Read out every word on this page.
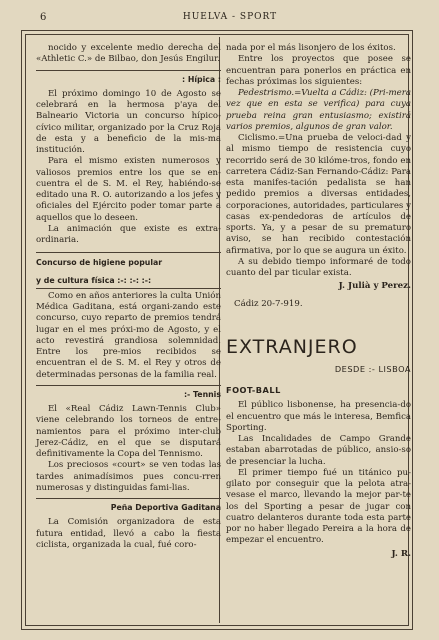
6	HUELVA - SPORT

nocido y excelente medio derecha del «Athletic C.» de Bilbao, don Jesús Engilur.

: Hípica :

El próximo domingo 10 de Agosto se celebrará en la hermosa p'aya del Balneario Victoria un concurso hípico-cívico militar, organizado por la Cruz Roja de esta y a beneficio de la mis-ma institución.

Para el mismo existen numerosos y valiosos premios entre los que se en-cuentra el de S. M. el Rey, habiéndo-se editado una R. O. autorizando a los jefes y oficiales del Ejército poder tomar parte a aquellos que lo deseen.

La animación que existe es extra-ordinaria.

Concurso de higiene popular
y de cultura física :-: :-: :-:

Como en años anteriores la culta Unión Médica Gaditana, está organi-zando este concurso, cuyo reparto de premios tendrá lugar en el mes próxi-mo de Agosto, y el acto revestirá grandiosa solemnidad. Entre los pre-mios recibidos se encuentran el de S. M. el Rey y otros de determinadas personas de la familia real.

:- Tennis

El «Real Cádiz Lawn-Tennis Club» viene celebrando los torneos de entre-namientos para el próximo inter-club Jerez-Cádiz, en el que se disputará definitivamente la Copa del Tennismo.

Los preciosos «court» se ven todas las tardes animadísimos pues concu-rren numerosas y distinguidas fami-lias.

Peña Deportiva Gaditana

La Comisión organizadora de esta futura entidad, llevó a cabo la fiesta ciclista, organizada la cual, fué coro-

nada por el más lisonjero de los éxitos.

Entre los proyectos que posee se encuentran para ponerlos en práctica en fechas próximas los siguientes:

Pedestrismo.=Vuelta a Cádiz: (Pri-mera vez que en esta se verifica) para cuya prueba reina gran entusiasmo; existirá varios premios, algunos de gran valor.

Ciclismo.=Una prueba de veloci-dad y al mismo tiempo de resistencia cuyo recorrido será de 30 kilóme-tros, fondo en carretera Cádiz-San Fernando-Cádiz: Para esta manifes-tación pedalista se han pedido premios a diversas entidades, corporaciones, autoridades, particulares y casas ex-pendedoras de artículos de sports. Ya, y a pesar de su prematuro aviso, se han recibido contestación afirmativa, por lo que se augura un éxito.

A su debido tiempo informaré de todo cuanto del par ticular exista.

J. Julià y Perez.
Cádiz 20-7-919.
EXTRANJERO
DESDE :- LISBOA
FOOT-BALL

El público lisbonense, ha presencia-do el encuentro que más le interesa, Bemfica Sporting.

Las Incalidades de Campo Grande estaban abarrotadas de público, ansio-so de presenciar la lucha.

El primer tiempo fué un titánico pu-gilato por conseguir que la pelota atra-vesase el marco, llevando la mejor par-te los del Sporting a pesar de jugar con cuatro delanteros durante toda esta parte por no haber llegado Pereira a la hora de empezar el encuentro.

J. R.
